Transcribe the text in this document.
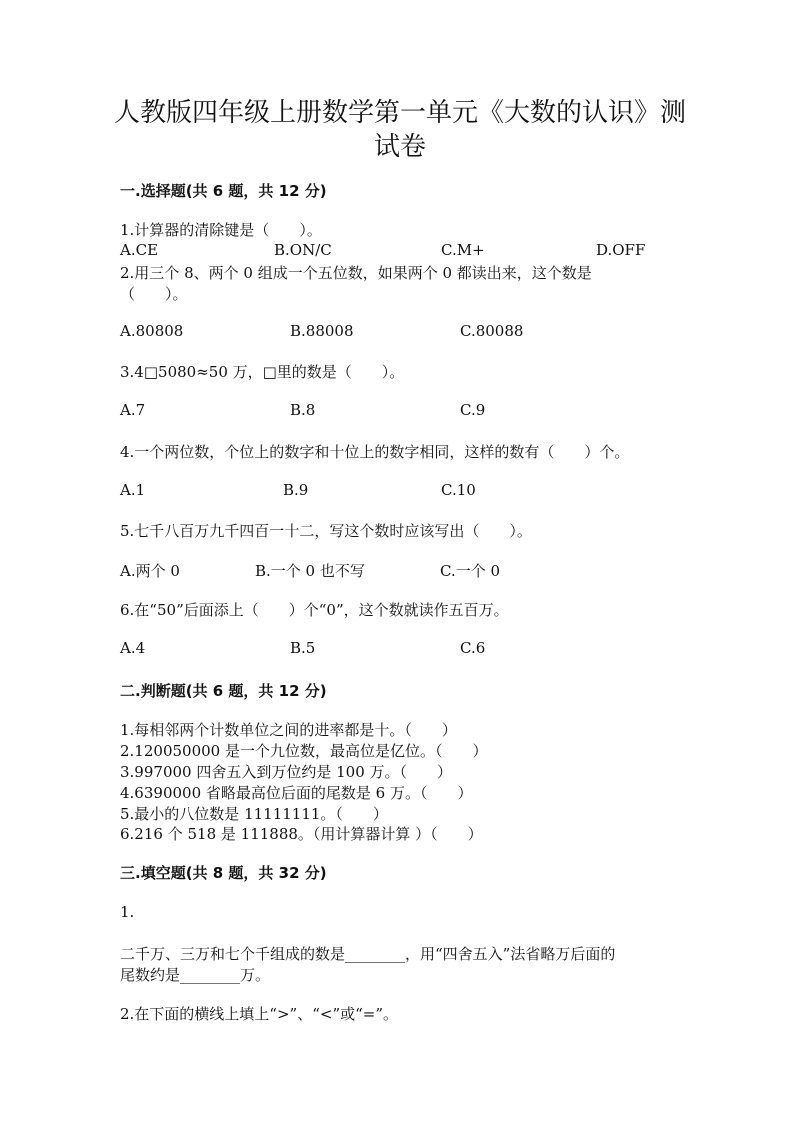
人教版四年级上册数学第一单元《大数的认识》测
试卷
一.选择题(共 6 题，共 12 分)
1.计算器的清除键是（　　）。
A.CE	B.ON/C	C.M+	D.OFF
2.用三个 8、两个 0 组成一个五位数，如果两个 0 都读出来，这个数是
（　　）。
A.80808	B.88008	C.80088
3.4□5080≈50 万，□里的数是（　　）。
A.7	B.8	C.9
4.一个两位数，个位上的数字和十位上的数字相同，这样的数有（　　）个。
A.1	B.9	C.10
5.七千八百万九千四百一十二，写这个数时应该写出（　　）。
A.两个 0	B.一个 0 也不写	C.一个 0
6.在“50”后面添上（　　）个“0”，这个数就读作五百万。
A.4	B.5	C.6
二.判断题(共 6 题，共 12 分)
1.每相邻两个计数单位之间的进率都是十。（　　）
2.120050000 是一个九位数，最高位是亿位。（　　）
3.997000 四舍五入到万位约是 100 万。（　　）
4.6390000 省略最高位后面的尾数是 6 万。（　　）
5.最小的八位数是 11111111。（　　）
6.216 个 518 是 111888。（用计算器计算 ）（　　）
三.填空题(共 8 题，共 32 分)
1.
二千万、三万和七个千组成的数是________，用“四舍五入”法省略万后面的
尾数约是________万。
2.在下面的横线上填上“>”、“<”或“=”。
